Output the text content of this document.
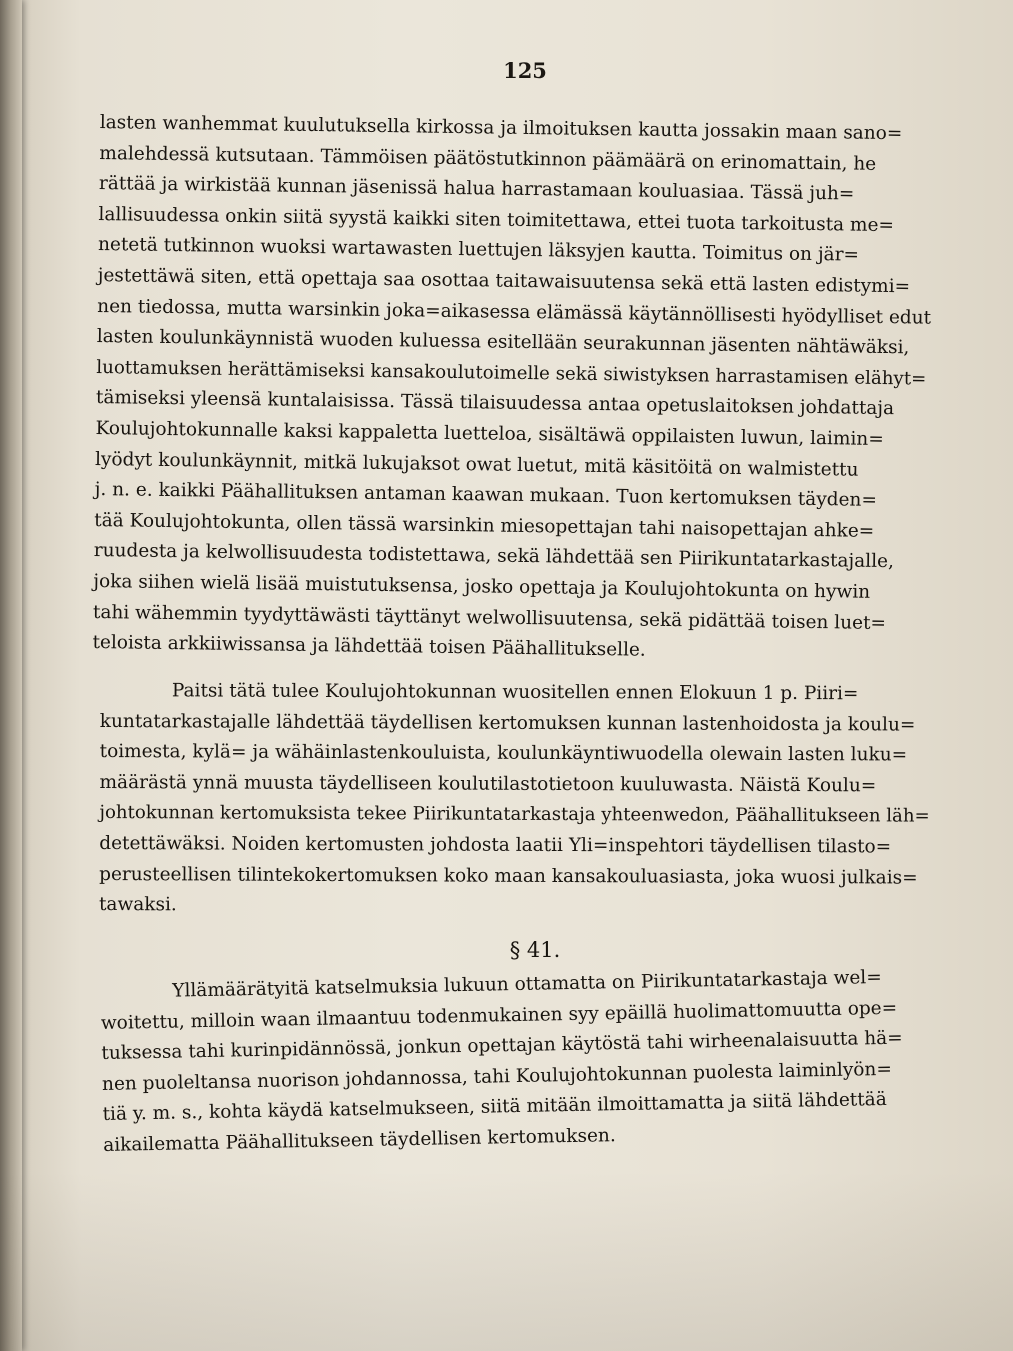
125
lasten wanhemmat kuulutuksella kirkossa ja ilmoituksen kautta jossakin maan sano=
malehdessä kutsutaan. Tämmöisen päätöstutkinnon päämäärä on erinomattain, he
rättää ja wirkistää kunnan jäsenissä halua harrastamaan kouluasiaa. Tässä juh=
lallisuudessa onkin siitä syystä kaikki siten toimitettawa, ettei tuota tarkoitusta me=
netetä tutkinnon wuoksi wartawasten luettujen läksyjen kautta. Toimitus on jär=
jestettäwä siten, että opettaja saa osottaa taitawaisuutensa sekä että lasten edistymi=
nen tiedossa, mutta warsinkin joka=aikasessa elämässä käytännöllisesti hyödylliset edut
lasten koulunkäynnistä wuoden kuluessa esitellään seurakunnan jäsenten nähtäwäksi,
luottamuksen herättämiseksi kansakoulutoimelle sekä siwistyksen harrastamisen elähyt=
tämiseksi yleensä kuntalaisissa. Tässä tilaisuudessa antaa opetuslaitoksen johdattaja
Koulujohtokunnalle kaksi kappaletta luetteloa, sisältäwä oppilaisten luwun, laimin=
lyödyt koulunkäynnit, mitkä lukujaksot owat luetut, mitä käsitöitä on walmistettu
j. n. e. kaikki Päähallituksen antaman kaawan mukaan. Tuon kertomuksen täyden=
tää Koulujohtokunta, ollen tässä warsinkin miesopettajan tahi naisopettajan ahke=
ruudesta ja kelwollisuudesta todistettawa, sekä lähdettää sen Piirikuntatarkastajalle,
joka siihen wielä lisää muistutuksensa, josko opettaja ja Koulujohtokunta on hywin
tahi wähemmin tyydyttäwästi täyttänyt welwollisuutensa, sekä pidättää toisen luet=
teloista arkkiiwissansa ja lähdettää toisen Päähallitukselle.
Paitsi tätä tulee Koulujohtokunnan wuositellen ennen Elokuun 1 p. Piiri=
kuntatarkastajalle lähdettää täydellisen kertomuksen kunnan lastenhoidosta ja koulu=
toimesta, kylä= ja wähäinlastenkouluista, koulunkäyntiwuodella olewain lasten luku=
määrästä ynnä muusta täydelliseen koulutilastotietoon kuuluwasta. Näistä Koulu=
johtokunnan kertomuksista tekee Piirikuntatarkastaja yhteenwedon, Päähallitukseen läh=
detettäwäksi. Noiden kertomusten johdosta laatii Yli=inspehtori täydellisen tilasto=
perusteellisen tilintekokertomuksen koko maan kansakouluasiasta, joka wuosi julkais=
tawaksi.
§ 41.
Yllämäärätyitä katselmuksia lukuun ottamatta on Piirikuntatarkastaja wel=
woitettu, milloin waan ilmaantuu todenmukainen syy epäillä huolimattomuutta ope=
tuksessa tahi kurinpidännössä, jonkun opettajan käytöstä tahi wirheenalaisuutta hä=
nen puoleltansa nuorison johdannossa, tahi Koulujohtokunnan puolesta laiminlyön=
tiä y. m. s., kohta käydä katselmukseen, siitä mitään ilmoittamatta ja siitä lähdettää
aikailematta Päähallitukseen täydellisen kertomuksen.
